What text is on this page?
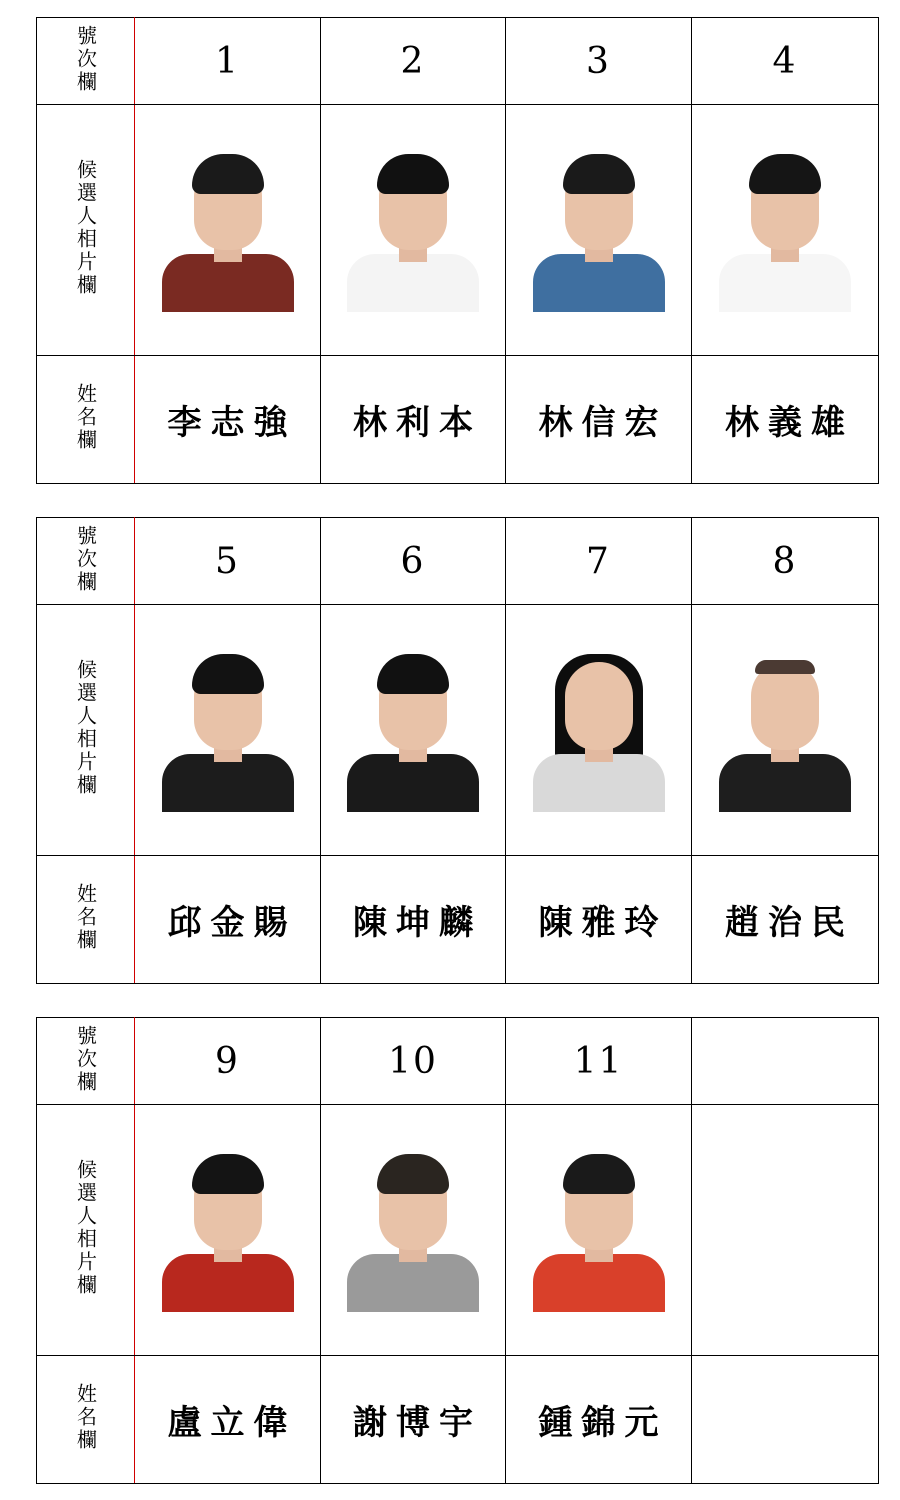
號次欄	1	2	3	4
候選人相片欄	

姓名欄	李志強	林利本	林信宏	林義雄
號次欄	5	6	7	8
候選人相片欄	

姓名欄	邱金賜	陳坤麟	陳雅玲	趙治民
號次欄	9	10	11	
候選人相片欄	

姓名欄	盧立偉	謝博宇	鍾錦元	
